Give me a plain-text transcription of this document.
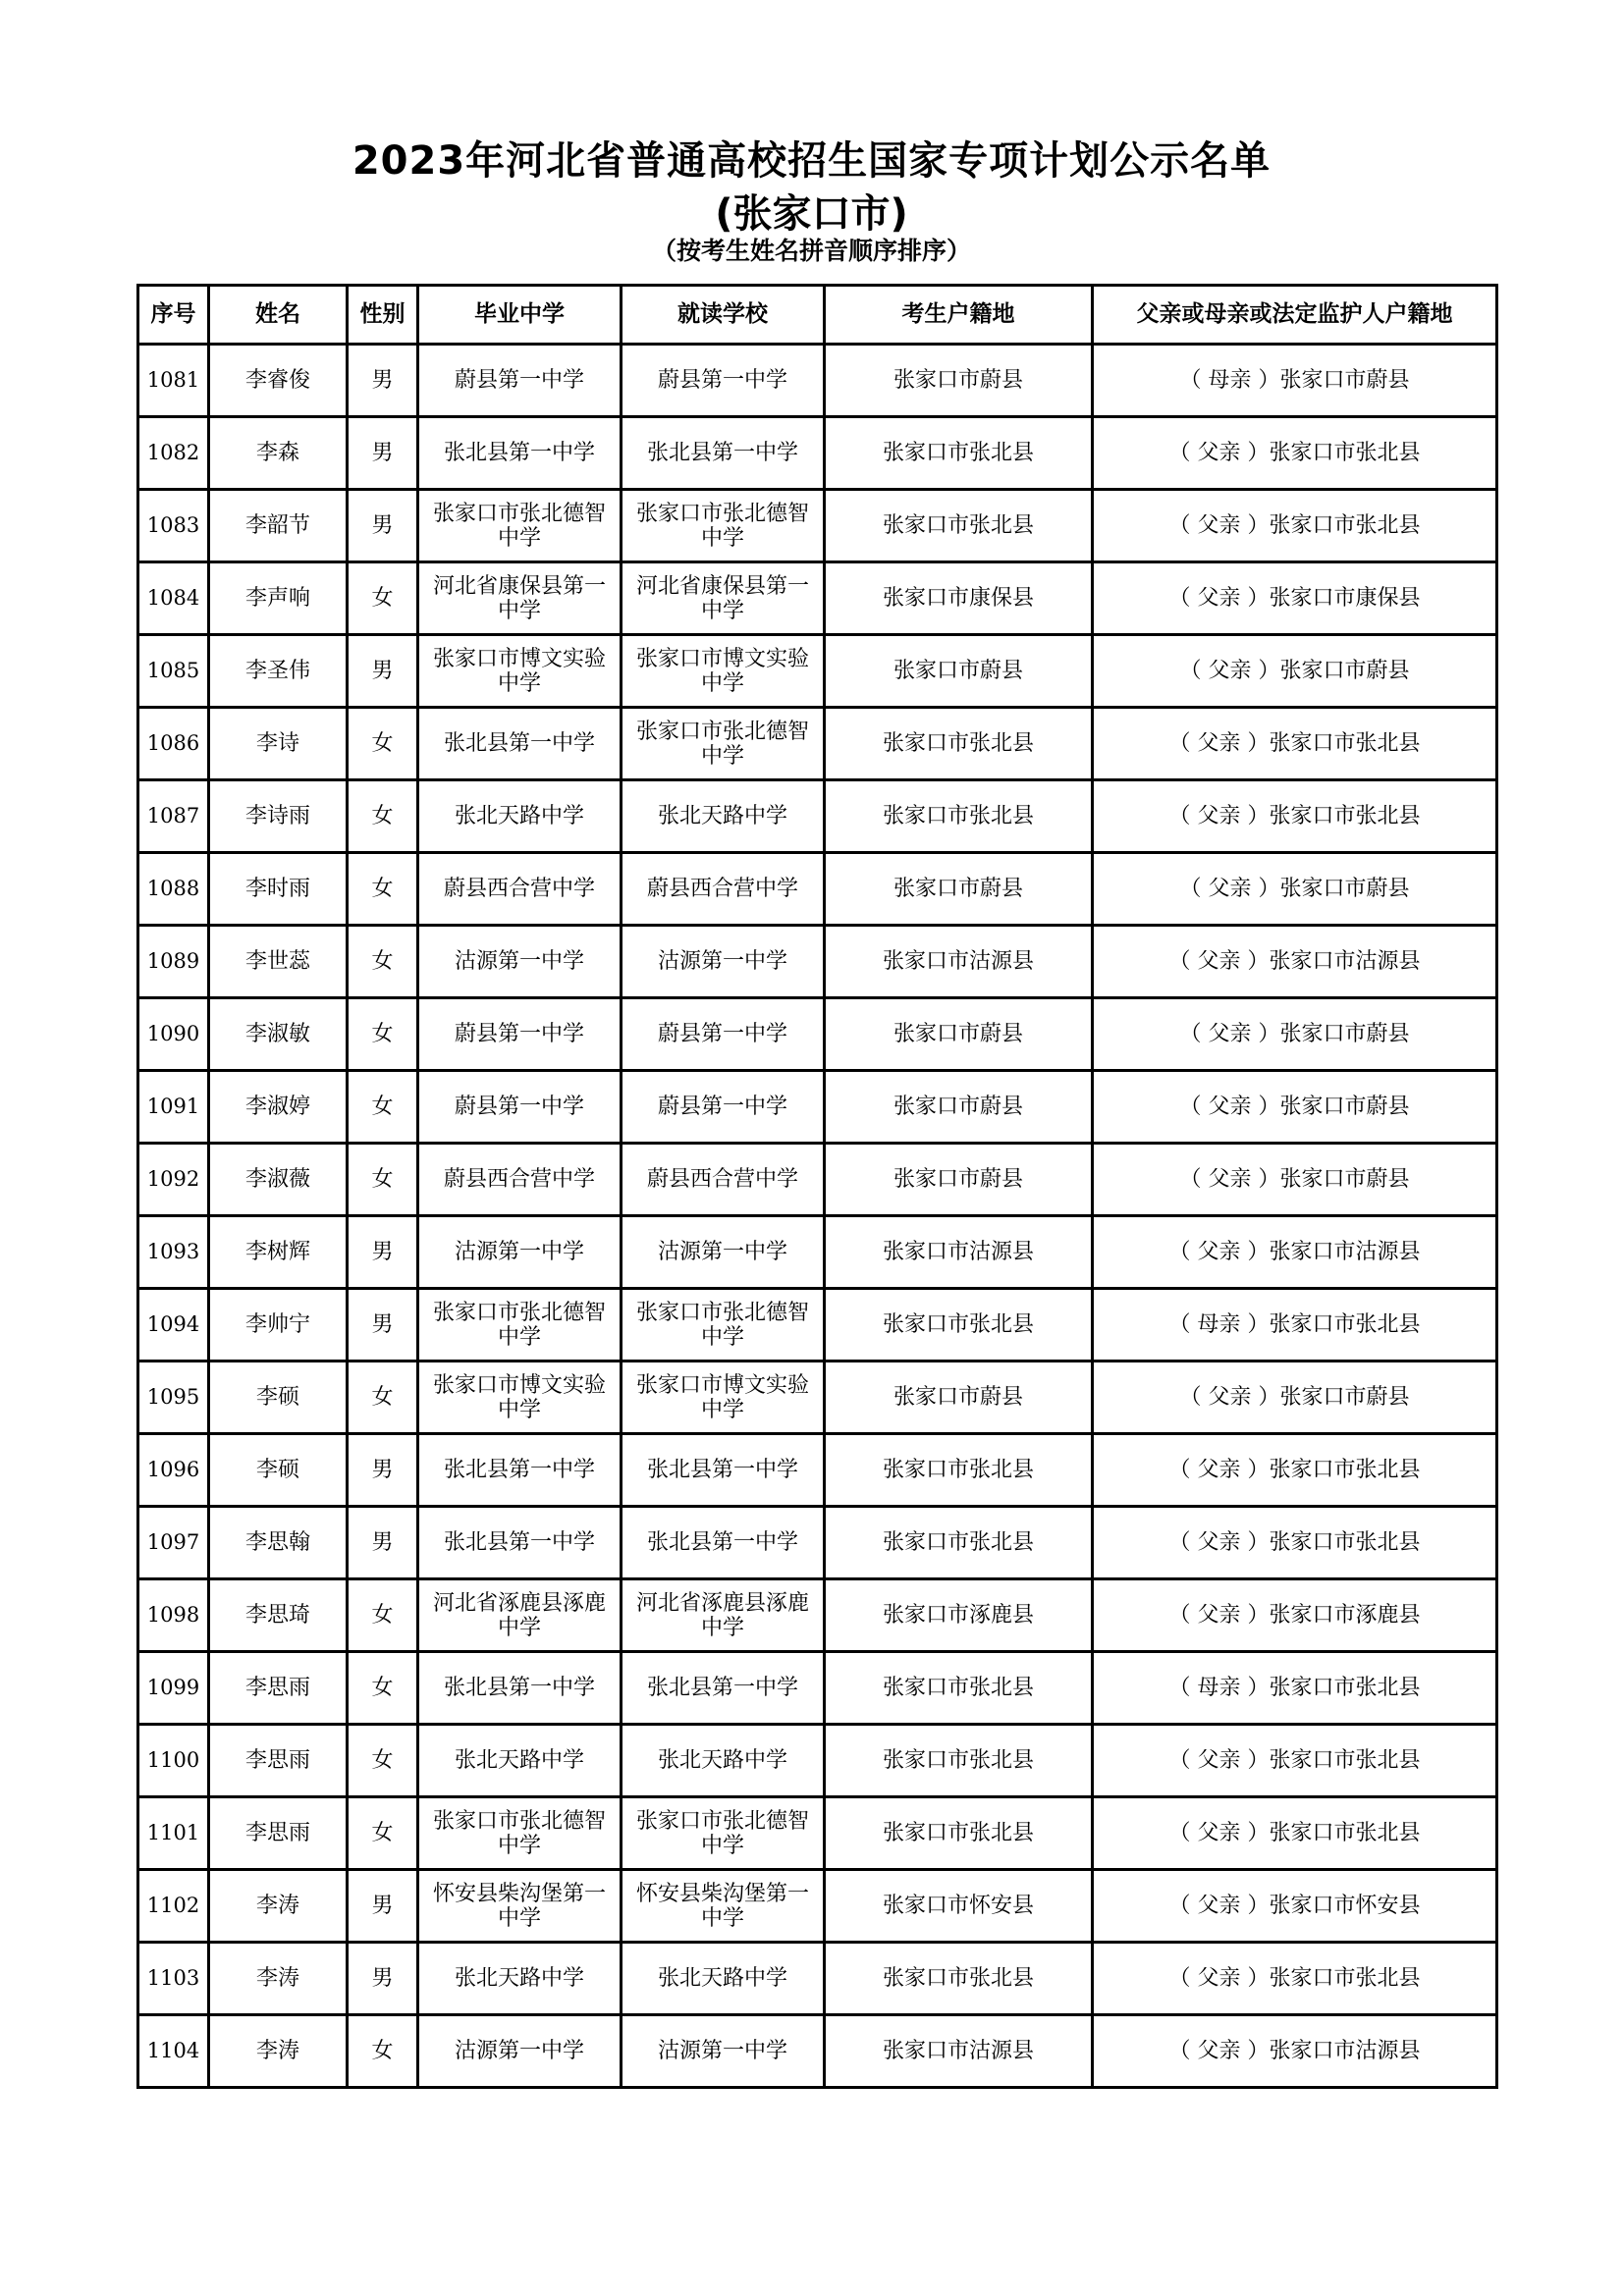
2023年河北省普通高校招生国家专项计划公示名单
(张家口市)
（按考生姓名拼音顺序排序）
序号	姓名	性别	毕业中学	就读学校	考生户籍地	父亲或母亲或法定监护人户籍地
1081	李睿俊	男	蔚县第一中学	蔚县第一中学	张家口市蔚县	（ 母亲 ）张家口市蔚县
1082	李森	男	张北县第一中学	张北县第一中学	张家口市张北县	（ 父亲 ）张家口市张北县
1083	李韶节	男	张家口市张北德智中学	张家口市张北德智中学	张家口市张北县	（ 父亲 ）张家口市张北县
1084	李声响	女	河北省康保县第一中学	河北省康保县第一中学	张家口市康保县	（ 父亲 ）张家口市康保县
1085	李圣伟	男	张家口市博文实验中学	张家口市博文实验中学	张家口市蔚县	（ 父亲 ）张家口市蔚县
1086	李诗	女	张北县第一中学	张家口市张北德智中学	张家口市张北县	（ 父亲 ）张家口市张北县
1087	李诗雨	女	张北天路中学	张北天路中学	张家口市张北县	（ 父亲 ）张家口市张北县
1088	李时雨	女	蔚县西合营中学	蔚县西合营中学	张家口市蔚县	（ 父亲 ）张家口市蔚县
1089	李世蕊	女	沽源第一中学	沽源第一中学	张家口市沽源县	（ 父亲 ）张家口市沽源县
1090	李淑敏	女	蔚县第一中学	蔚县第一中学	张家口市蔚县	（ 父亲 ）张家口市蔚县
1091	李淑婷	女	蔚县第一中学	蔚县第一中学	张家口市蔚县	（ 父亲 ）张家口市蔚县
1092	李淑薇	女	蔚县西合营中学	蔚县西合营中学	张家口市蔚县	（ 父亲 ）张家口市蔚县
1093	李树辉	男	沽源第一中学	沽源第一中学	张家口市沽源县	（ 父亲 ）张家口市沽源县
1094	李帅宁	男	张家口市张北德智中学	张家口市张北德智中学	张家口市张北县	（ 母亲 ）张家口市张北县
1095	李硕	女	张家口市博文实验中学	张家口市博文实验中学	张家口市蔚县	（ 父亲 ）张家口市蔚县
1096	李硕	男	张北县第一中学	张北县第一中学	张家口市张北县	（ 父亲 ）张家口市张北县
1097	李思翰	男	张北县第一中学	张北县第一中学	张家口市张北县	（ 父亲 ）张家口市张北县
1098	李思琦	女	河北省涿鹿县涿鹿中学	河北省涿鹿县涿鹿中学	张家口市涿鹿县	（ 父亲 ）张家口市涿鹿县
1099	李思雨	女	张北县第一中学	张北县第一中学	张家口市张北县	（ 母亲 ）张家口市张北县
1100	李思雨	女	张北天路中学	张北天路中学	张家口市张北县	（ 父亲 ）张家口市张北县
1101	李思雨	女	张家口市张北德智中学	张家口市张北德智中学	张家口市张北县	（ 父亲 ）张家口市张北县
1102	李涛	男	怀安县柴沟堡第一中学	怀安县柴沟堡第一中学	张家口市怀安县	（ 父亲 ）张家口市怀安县
1103	李涛	男	张北天路中学	张北天路中学	张家口市张北县	（ 父亲 ）张家口市张北县
1104	李涛	女	沽源第一中学	沽源第一中学	张家口市沽源县	（ 父亲 ）张家口市沽源县
